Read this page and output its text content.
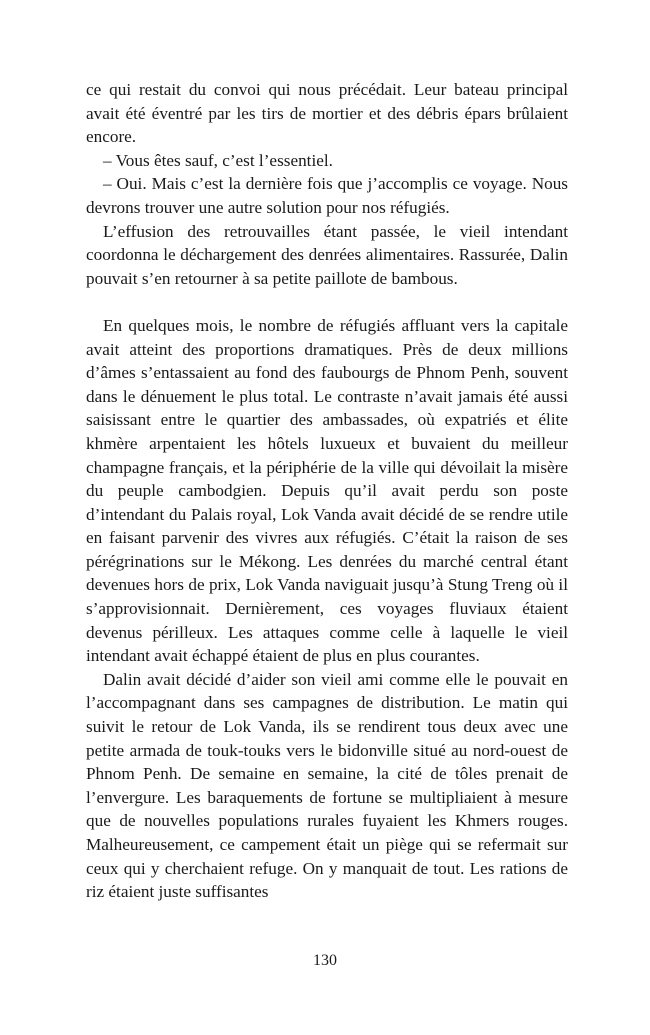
ce qui restait du convoi qui nous précédait. Leur bateau principal avait été éventré par les tirs de mortier et des débris épars brûlaient encore.

– Vous êtes sauf, c’est l’essentiel.

– Oui. Mais c’est la dernière fois que j’accomplis ce voyage. Nous devrons trouver une autre solution pour nos réfugiés.

L’effusion des retrouvailles étant passée, le vieil intendant coordonna le déchargement des denrées alimentaires. Rassurée, Dalin pouvait s’en retourner à sa petite paillote de bambous.

En quelques mois, le nombre de réfugiés affluant vers la capitale avait atteint des proportions dramatiques. Près de deux millions d’âmes s’entassaient au fond des faubourgs de Phnom Penh, souvent dans le dénuement le plus total. Le contraste n’avait jamais été aussi saisissant entre le quartier des ambassades, où expatriés et élite khmère arpentaient les hôtels luxueux et buvaient du meilleur champagne français, et la périphérie de la ville qui dévoilait la misère du peuple cambodgien. Depuis qu’il avait perdu son poste d’intendant du Palais royal, Lok Vanda avait décidé de se rendre utile en faisant parvenir des vivres aux réfugiés. C’était la raison de ses pérégrinations sur le Mékong. Les denrées du marché central étant devenues hors de prix, Lok Vanda naviguait jusqu’à Stung Treng où il s’approvisionnait. Dernièrement, ces voyages fluviaux étaient devenus périlleux. Les attaques comme celle à laquelle le vieil intendant avait échappé étaient de plus en plus courantes.

Dalin avait décidé d’aider son vieil ami comme elle le pouvait en l’accompagnant dans ses campagnes de distribution. Le matin qui suivit le retour de Lok Vanda, ils se rendirent tous deux avec une petite armada de touk-touks vers le bidonville situé au nord-ouest de Phnom Penh. De semaine en semaine, la cité de tôles prenait de l’envergure. Les baraquements de fortune se multipliaient à mesure que de nouvelles populations rurales fuyaient les Khmers rouges. Malheureusement, ce campement était un piège qui se refermait sur ceux qui y cherchaient refuge. On y manquait de tout. Les rations de riz étaient juste suffisantes

130
